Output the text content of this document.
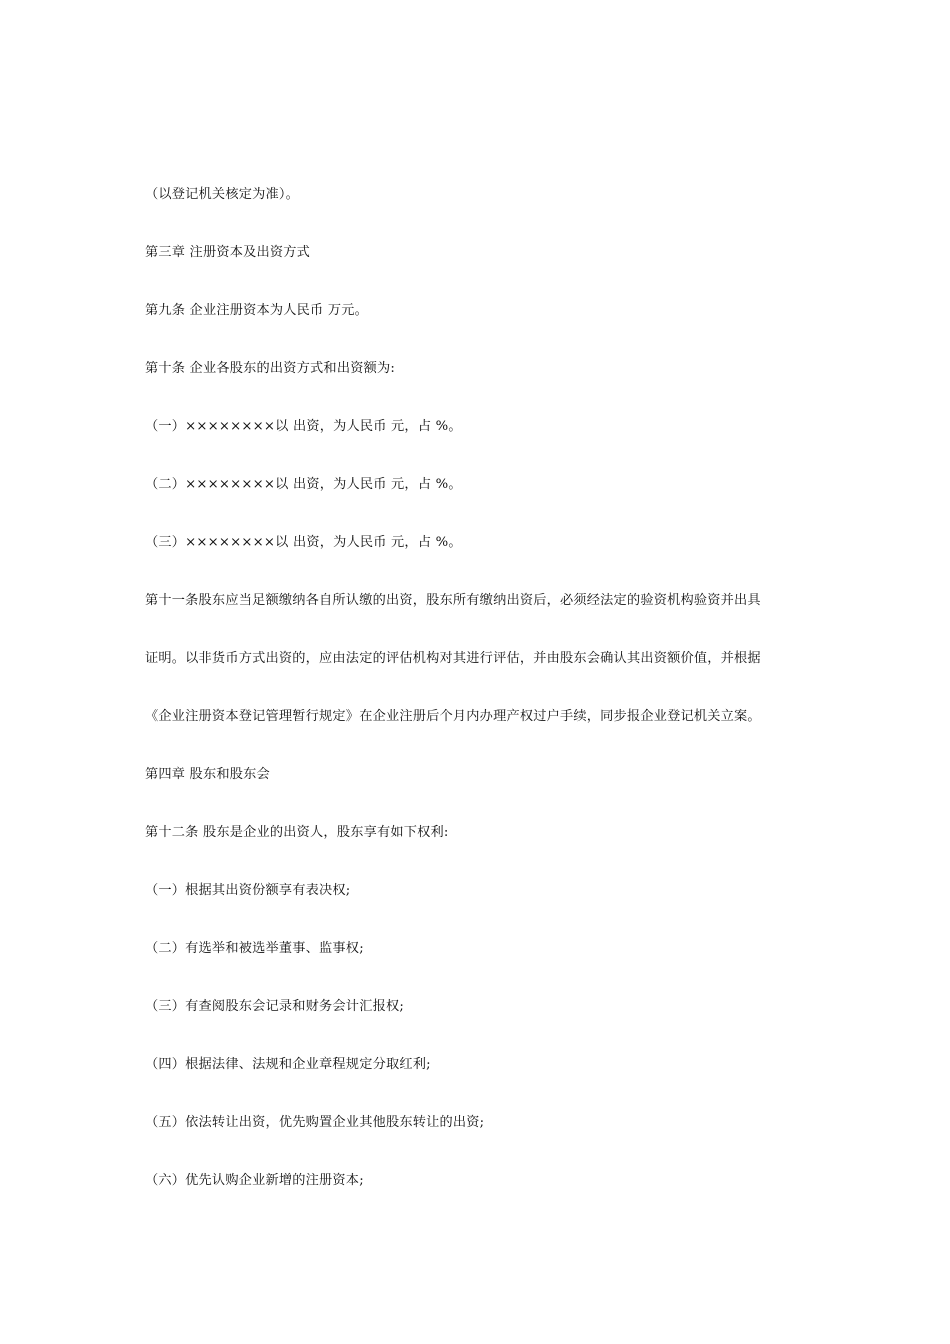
（以登记机关核定为准）。
第三章 注册资本及出资方式
第九条 企业注册资本为人民币 万元。
第十条 企业各股东的出资方式和出资额为:
（一）××××××××以 出资，为人民币 元，占 %。
（二）××××××××以 出资，为人民币 元，占 %。
（三）××××××××以 出资，为人民币 元，占 %。
第十一条股东应当足额缴纳各自所认缴的出资，股东所有缴纳出资后，必须经法定的验资机构验资并出具
证明。以非货币方式出资的，应由法定的评估机构对其进行评估，并由股东会确认其出资额价值，并根据
《企业注册资本登记管理暂行规定》在企业注册后个月内办理产权过户手续，同步报企业登记机关立案。
第四章 股东和股东会
第十二条 股东是企业的出资人，股东享有如下权利:
（一）根据其出资份额享有表决权;
（二）有选举和被选举董事、监事权;
（三）有查阅股东会记录和财务会计汇报权;
（四）根据法律、法规和企业章程规定分取红利;
（五）依法转让出资，优先购置企业其他股东转让的出资;
（六）优先认购企业新增的注册资本;
